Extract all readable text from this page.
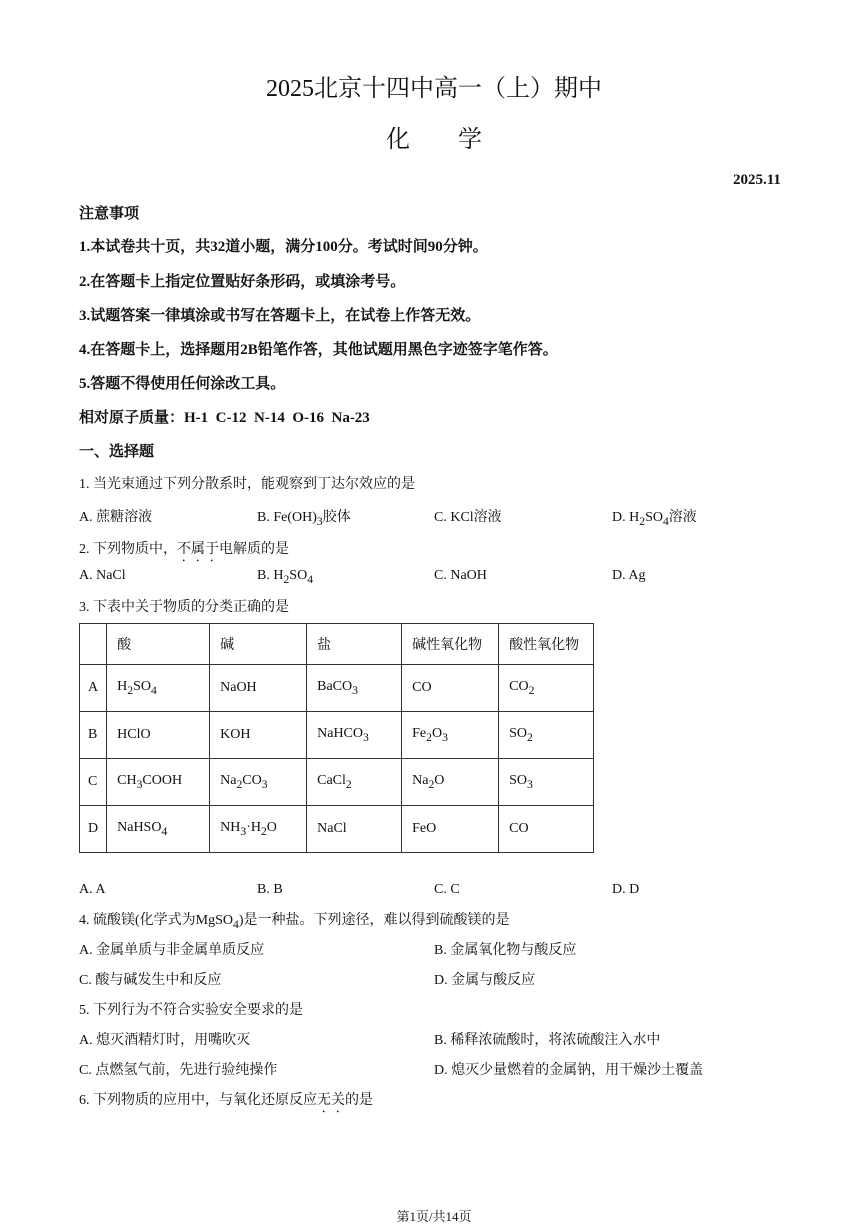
2025北京十四中高一（上）期中
化　　学
2025.11
注意事项
1.本试卷共十页，共32道小题，满分100分。考试时间90分钟。
2.在答题卡上指定位置贴好条形码，或填涂考号。
3.试题答案一律填涂或书写在答题卡上，在试卷上作答无效。
4.在答题卡上，选择题用2B铅笔作答，其他试题用黑色字迹签字笔作答。
5.答题不得使用任何涂改工具。
相对原子质量：H-1  C-12  N-14  O-16  Na-23
一、选择题
1. 当光束通过下列分散系时，能观察到丁达尔效应的是
A. 蔗糖溶液	B. $Fe(OH)_3$胶体	C. KCl溶液	D. $H_2SO_4$溶液
2. 下列物质中，不属于电解质的是
A. NaCl	B. $H_2SO_4$	C. NaOH	D. Ag
3. 下表中关于物质的分类正确的是
	酸	碱	盐	碱性氧化物	酸性氧化物
A	$H_2SO_4$	NaOH	BaCO$_3$	CO	$CO_2$
B	HClO	KOH	NaHCO$_3$	$Fe_2O_3$	$SO_2$
C	$CH_3COOH$	$Na_2CO_3$	CaCl$_2$	$Na_2O$	$SO_3$
D	NaHSO$_4$	$NH_3\cdot H_2O$	NaCl	FeO	CO
A. A	B. B	C. C	D. D
4. 硫酸镁(化学式为MgSO$_4$)是一种盐。下列途径，难以得到硫酸镁的是
A. 金属单质与非金属单质反应	B. 金属氧化物与酸反应
C. 酸与碱发生中和反应	D. 金属与酸反应
5. 下列行为不符合实验安全要求的是
A. 熄灭酒精灯时，用嘴吹灭	B. 稀释浓硫酸时，将浓硫酸注入水中
C. 点燃氢气前，先进行验纯操作	D. 熄灭少量燃着的金属钠，用干燥沙土覆盖
6. 下列物质的应用中，与氧化还原反应无关的是
第1页/共14页
